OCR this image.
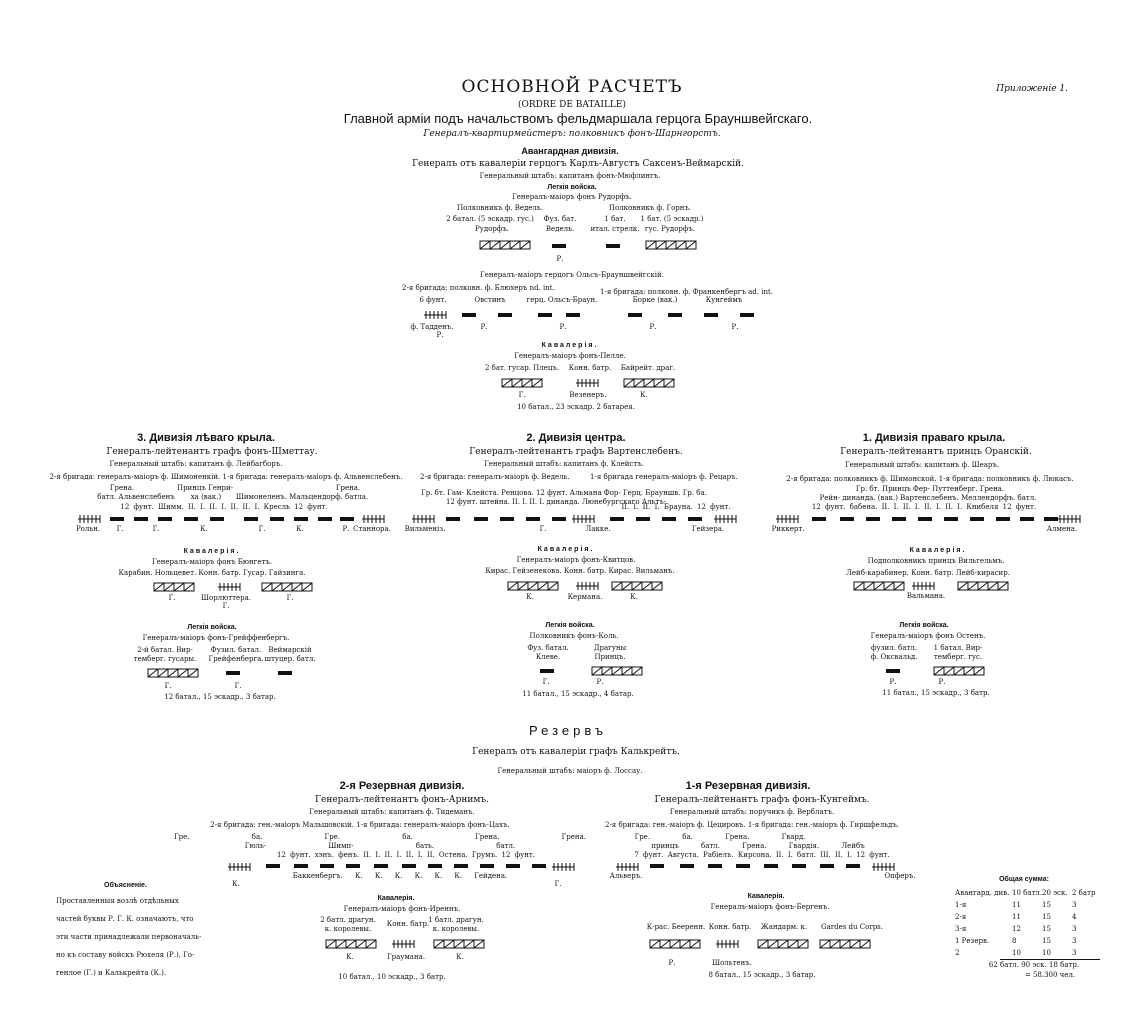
Приложеніе 1.
ОСНОВНОЙ РАСЧЕТЪ
(ORDRE DE BATAILLE)
Главной арміи подъ начальствомъ фельдмаршала герцога Брауншвейгскаго.
Генералъ-квартирмейстеръ: полковникъ фонъ-Шарнгорстъ.
Авангардная дивизія.
Генералъ отъ кавалеріи герцогъ Карлъ-Августъ Саксенъ-Веймарскій.
Генеральный штабъ: капитанъ фонъ-Мюфлингъ.
Легкія войска.
Генералъ-маіоръ фонъ Рудорфъ.
Полковникъ ф. Ведель.	Полковникъ ф. Горнъ.
2 батал. (5 эскадр. гус.) Фуз. бат.	1 бат. 1 бат. (5 эскадр.)
Рудорфъ.	Ведель. итал. стрелк. гус. Рудорфъ.
Р.
Генералъ-маіоръ герцогъ Ольсъ-Брауншвейгскій.
2-я бригада: полковн. ф. Блюхеръ nd. int.	1-я бригада: полковн. ф. Франкенбергъ ad. int.
6 фунт.	Овстинъ	герц. Ольсъ-Браун.	Борке (вак.)	Кунгеймъ
ф. Тадденъ.	Р.	Р.	Р.	Р.
Р.
Кавалерія.
Генералъ-маіоръ фонъ-Пелле.
2 бат. гусар. Плецъ. Конн. батр. Байрейт. драг.
Г.	Везенеръ.	К.
10 батал., 23 эскадр. 2 батарея.
3. Дивизія лѣваго крыла.
Генералъ-лейтенантъ графъ фонъ-Шметтау.
Генеральный штабъ: капитанъ ф. Лейбагборъ.
2-я бригада: генералъ-маіоръ ф. Шимоненкій. 1-я бригада: генералъ-маіоръ ф. Альвенслебенъ.
Грена.	Принцъ Генри-	Грена.
батл. Альвенслебенъ ха (вак.) Шимонеленъ. Мальцендорф. батла.
12 фунт. Шимм. II. I. II. I. II. II. I. Кресль 12 фунт.
Рольн. Г.	Г.	К.	Г.	К.	Р. Станнора.
Кавалерія.
Генералъ-маіоръ фонъ Бюнгетъ.
Карабин. Нольцевет. Конн. батр. Гусар. Гайзинга.
Г.	Шорлюттера.	Г.
Г.
Легкія войска.
Генералъ-маіоръ фонъ-Грейффенбергъ.
2-й батал. Вир-	Фузил. батал. Веймарскій
темберг. гусары. Грейфенберга. штуцер. батл.
Г.	Г.
12 батал., 15 эскадр., 3 батар.
2. Дивизія центра.
Генералъ-лейтенантъ графъ Вартенслебенъ.
Генеральный штабъ: капитанъ ф. Клейстъ.
2-я бригада: генералъ-маіоръ ф. Ведель.	1-я бригада генералъ-маіоръ ф. Рецаръ.
Гр. бт. Гам- Клейста. Ренцова. 12 фунт. Альмана Фор- Герц. Брауншв. Гр. ба.
12 фунт. штейна. II. I. II. I. динанда. Люнебургскаго Альтъ-
II. I. II. I. Брауна. 12 фунт.
Вильменіз.	Г.	Лакке.	Гейзера.
Кавалерія.
Генералъ-маіоръ фонъ-Квитцов.
Кирас. Гейзенекова. Конн. батр. Кирас. Вильманъ.
К.	Кермана.	К.
Легкія войска.
Полковникъ фонъ-Коль.
Фуз. батал.	Драгуны
Клеве.	Принцъ.
Г.	Р.
11 батал., 15 эскадр., 4 батар.
1. Дивизія праваго крыла.
Генералъ-лейтенантъ принцъ Оранскій.
Генеральный штабъ: капитанъ ф. Шеаръ.
2-я бригада: полковникъ ф. Шимонской. 1-я бригада: полковникъ ф. Люкасъ.
Гр. бт. Принцъ Фер- Путтенберг. Грена.
Рейн- динанда. (вак.) Вартенслебенъ. Меллендорфъ. батл.
12 фунт. бабена. II. I. II. I. II. I. II. I. Книбеля 12 фунт.
Риккерт.	Алмена.
Кавалерія.
Подполковникъ принцъ Вильгельмъ.
Лейб-карабинер. Конн. батр. Лейб-кирасир.
Вальмана.
Легкія войска.
Генералъ-маіоръ фонъ Остенъ.
фузил. батл. 1 батал. Вир-
ф. Оксвальд. темберг. гус.
Р.	Р.
11 батал., 15 эскадр., 3 батр.
Резервъ
Генералъ отъ кавалеріи графъ Калькрейтъ.
Генеральный штабъ: маіоръ ф. Лоссау.
2-я Резервная дивизія.
Генералъ-лейтенантъ фонъ-Арнимъ.
Генеральный штабъ: капитанъ ф. Тидеманъ.
2-я бригада: ген.-маіоръ Мальшовскій. 1-я бригада: генералъ-маіоръ фонъ-Цахъ.
Гре. ба. Гре. ба. Грена. Грена.
Гюль- Шимп- бать. батл.
12 фунт. хэнъ. фенъ. II. I. II. I. II. I. II. Остена. Грумъ. 12 фунт.
Баккенбергъ. К. К. К. К. К. К. Гейдена.
К.	Г.
Кавалерія.
Генералъ-маіоръ фонъ-Иреннъ.
2 батл. драгун. Конн. батр. 1 батл. драгун.
к. королевы.	к. королевы.
К.	Граумана.	К.
10 батал., 10 эскадр., 3 батр.
1-я Резервная дивизія.
Генералъ-лейтенантъ графъ фонъ-Кунгеймъ.
Генеральный штабъ: поручикъ ф. Верблатъ.
2-я бригада: ген.-маіоръ ф. Цецировъ. 1-я бригада: ген.-маіоръ ф. Гиршфельдъ.
Гре. ба. Грена. Гвард.
принцъ батл. Грена. Гвардія. Лейбъ
7 фунт. Августа. Рабіелъ. Кирсона. II. I. батл. III. II. I. 12 фунт.
Альверъ.	Опферъ.
Кавалерія.
Генералъ-маіоръ фонъ-Бергенъ.
К-рас. Бееренн. Конн. батр. Жандарм. к. Gardes du Corps.
Р.	Шольтенъ.
8 батал., 15 эскадр., 3 батар.
Объясненіе.
Проставленныя возлѣ отдѣльных
частей буквы Р. Г. К. означаютъ, что
эти части принадлежали первоначаль-
но къ составу войскъ Рюхеля (Р.), Го-
генлое (Г.) и Калькрейта (К.).
Общая сумма:
Авангард. див. 10 батл. 20 эск. 2 батр
1-я	11	15	3
2-я	11	15	4
3-я	12	15	3
1 Резерв.	8	15	3
2	10	10	3
62 батл. 90 эск. 18 батр.
= 58.300 чел.
